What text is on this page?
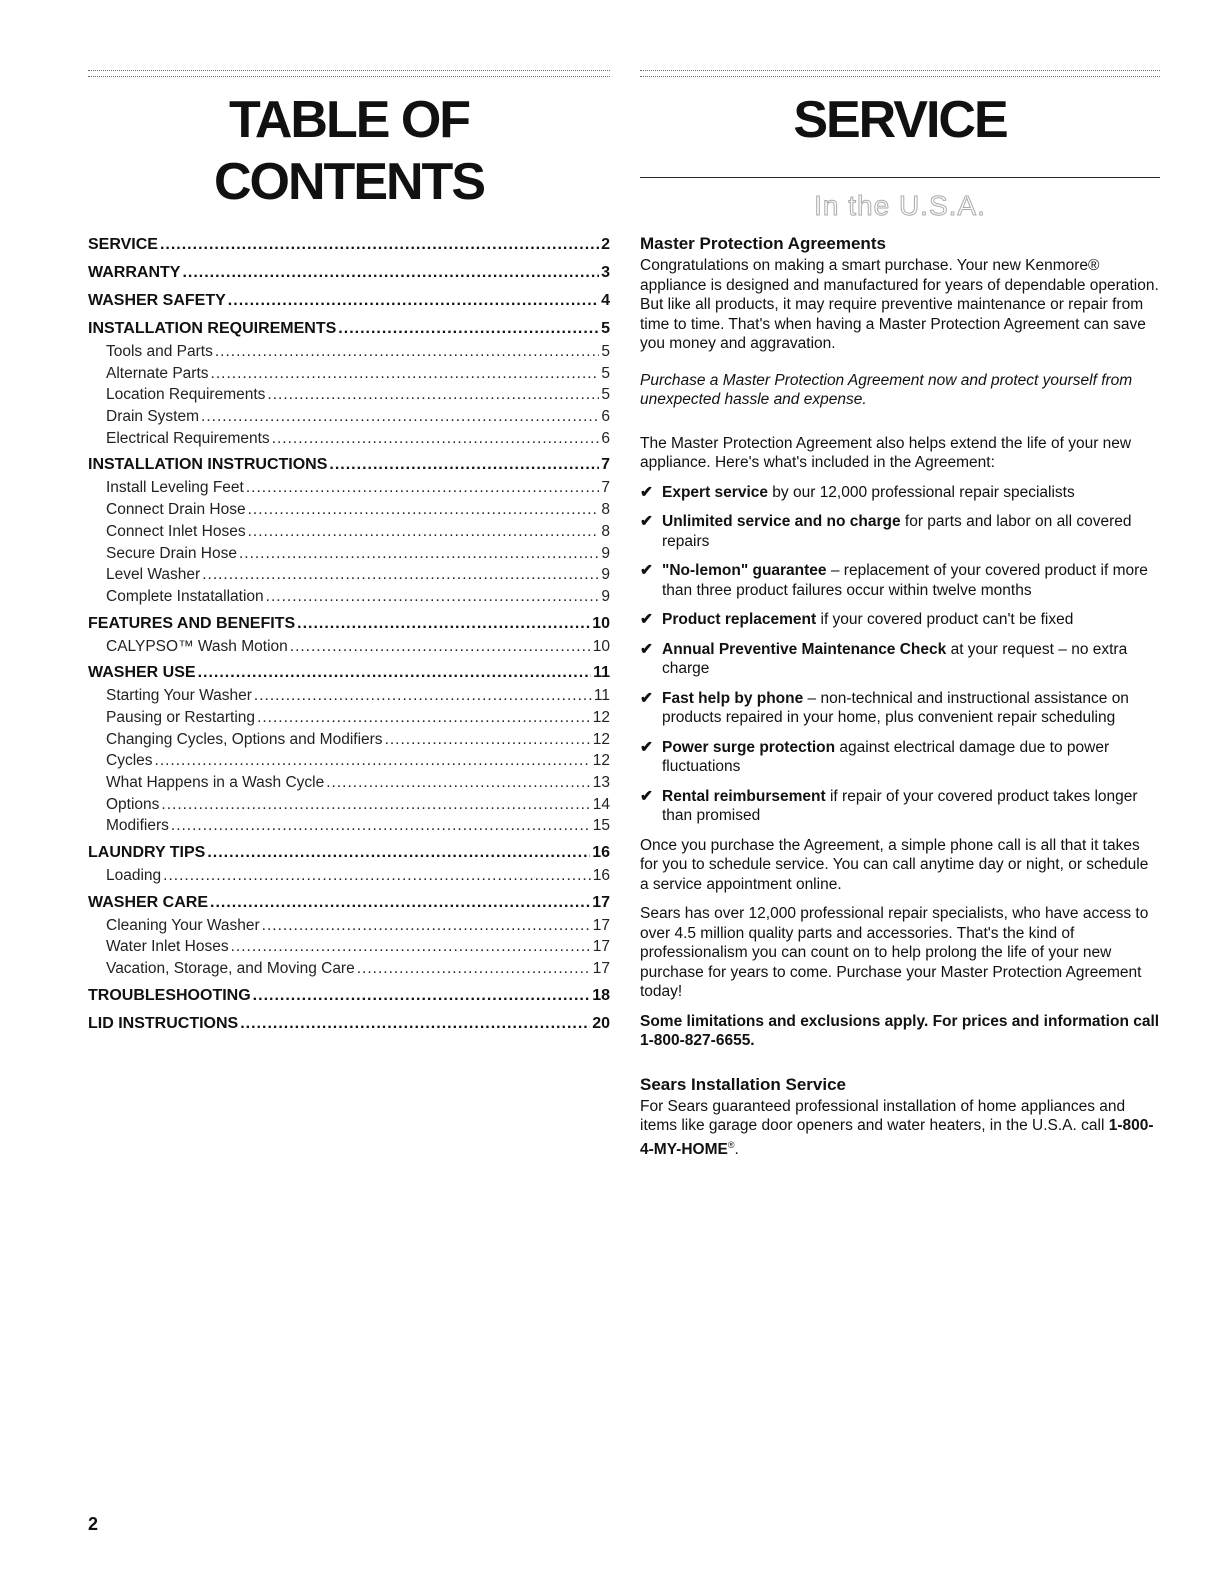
TABLE OF CONTENTS
SERVICE .....	2
WARRANTY .....	3
WASHER SAFETY .....	4
INSTALLATION REQUIREMENTS .....	5
Tools and Parts .....	5
Alternate Parts .....	5
Location Requirements .....	5
Drain System .....	6
Electrical Requirements .....	6
INSTALLATION INSTRUCTIONS .....	7
Install Leveling Feet .....	7
Connect Drain Hose .....	8
Connect Inlet Hoses .....	8
Secure Drain Hose .....	9
Level Washer .....	9
Complete Instatallation .....	9
FEATURES AND BENEFITS .....	10
CALYPSO™ Wash Motion .....	10
WASHER USE .....	11
Starting Your Washer .....	11
Pausing or Restarting .....	12
Changing Cycles, Options and Modifiers .....	12
Cycles .....	12
What Happens in a Wash Cycle .....	13
Options .....	14
Modifiers .....	15
LAUNDRY TIPS .....	16
Loading .....	16
WASHER CARE .....	17
Cleaning Your Washer .....	17
Water Inlet Hoses .....	17
Vacation, Storage, and Moving Care .....	17
TROUBLESHOOTING .....	18
LID INSTRUCTIONS .....	20
SERVICE
In the U.S.A.
Master Protection Agreements

Congratulations on making a smart purchase. Your new Kenmore® appliance is designed and manufactured for years of dependable operation. But like all products, it may require preventive maintenance or repair from time to time. That's when having a Master Protection Agreement can save you money and aggravation.

Purchase a Master Protection Agreement now and protect yourself from unexpected hassle and expense.

The Master Protection Agreement also helps extend the life of your new appliance. Here's what's included in the Agreement:

✔ Expert service by our 12,000 professional repair specialists
✔ Unlimited service and no charge for parts and labor on all covered repairs
✔ "No-lemon" guarantee – replacement of your covered product if more than three product failures occur within twelve months
✔ Product replacement if your covered product can't be fixed
✔ Annual Preventive Maintenance Check at your request – no extra charge
✔ Fast help by phone – non-technical and instructional assistance on products repaired in your home, plus convenient repair scheduling
✔ Power surge protection against electrical damage due to power fluctuations
✔ Rental reimbursement if repair of your covered product takes longer than promised

Once you purchase the Agreement, a simple phone call is all that it takes for you to schedule service. You can call anytime day or night, or schedule a service appointment online.

Sears has over 12,000 professional repair specialists, who have access to over 4.5 million quality parts and accessories. That's the kind of professionalism you can count on to help prolong the life of your new purchase for years to come. Purchase your Master Protection Agreement today!

Some limitations and exclusions apply. For prices and information call 1-800-827-6655.

Sears Installation Service

For Sears guaranteed professional installation of home appliances and items like garage door openers and water heaters, in the U.S.A. call 1-800-4-MY-HOME®.

2
